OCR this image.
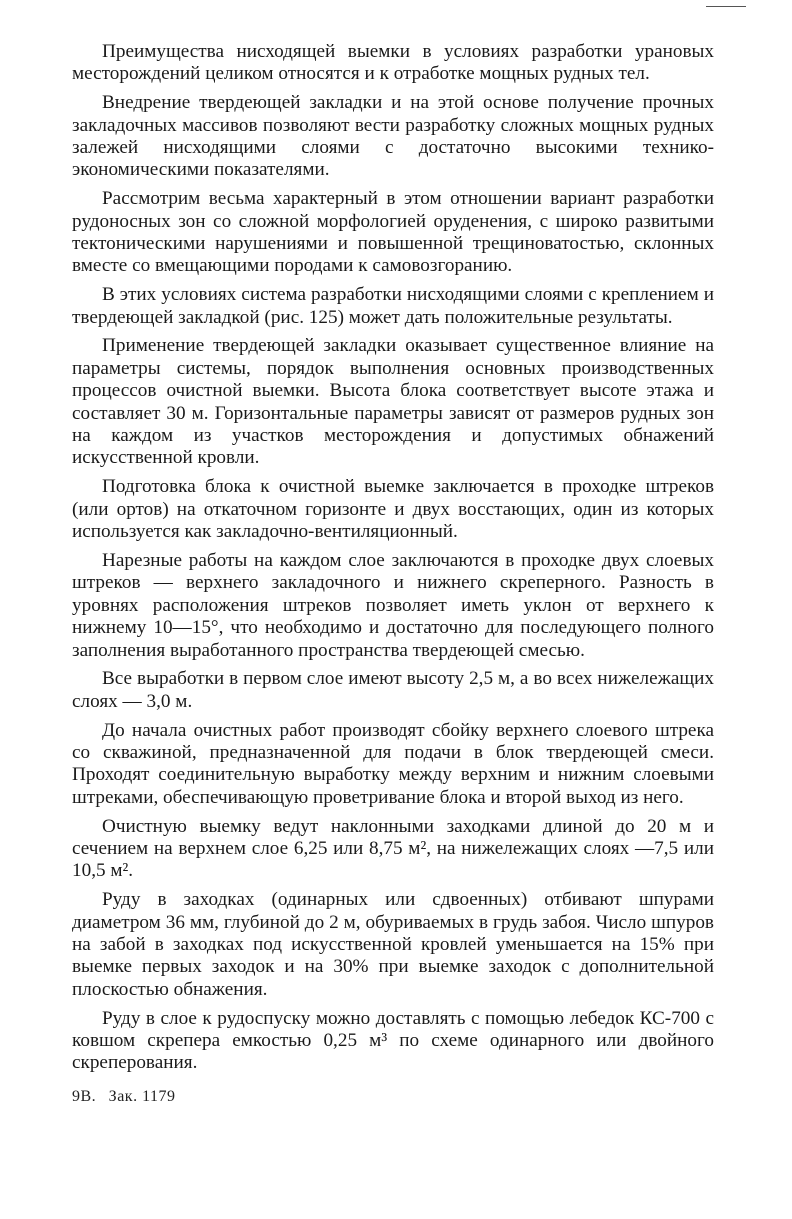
Преимущества нисходящей выемки в условиях разработки урановых месторождений целиком относятся и к отработке мощных рудных тел.

Внедрение твердеющей закладки и на этой основе получение прочных закладочных массивов позволяют вести разработку сложных мощных рудных залежей нисходящими слоями с достаточно высокими технико-экономическими показателями.

Рассмотрим весьма характерный в этом отношении вариант разработки рудоносных зон со сложной морфологией оруденения, с широко развитыми тектоническими нарушениями и повышенной трещиноватостью, склонных вместе со вмещающими породами к самовозгоранию.

В этих условиях система разработки нисходящими слоями с креплением и твердеющей закладкой (рис. 125) может дать положительные результаты.

Применение твердеющей закладки оказывает существенное влияние на параметры системы, порядок выполнения основных производственных процессов очистной выемки. Высота блока соответствует высоте этажа и составляет 30 м. Горизонтальные параметры зависят от размеров рудных зон на каждом из участков месторождения и допустимых обнажений искусственной кровли.

Подготовка блока к очистной выемке заключается в проходке штреков (или ортов) на откаточном горизонте и двух восстающих, один из которых используется как закладочно-вентиляционный.

Нарезные работы на каждом слое заключаются в проходке двух слоевых штреков — верхнего закладочного и нижнего скреперного. Разность в уровнях расположения штреков позволяет иметь уклон от верхнего к нижнему 10—15°, что необходимо и достаточно для последующего полного заполнения выработанного пространства твердеющей смесью.

Все выработки в первом слое имеют высоту 2,5 м, а во всех нижележащих слоях — 3,0 м.

До начала очистных работ производят сбойку верхнего слоевого штрека со скважиной, предназначенной для подачи в блок твердеющей смеси. Проходят соединительную выработку между верхним и нижним слоевыми штреками, обеспечивающую проветривание блока и второй выход из него.

Очистную выемку ведут наклонными заходками длиной до 20 м и сечением на верхнем слое 6,25 или 8,75 м², на нижележащих слоях —7,5 или 10,5 м².

Руду в заходках (одинарных или сдвоенных) отбивают шпурами диаметром 36 мм, глубиной до 2 м, обуриваемых в грудь забоя. Число шпуров на забой в заходках под искусственной кровлей уменьшается на 15% при выемке первых заходок и на 30% при выемке заходок с дополнительной плоскостью обнажения.

Руду в слое к рудоспуску можно доставлять с помощью лебедок КС-700 с ковшом скрепера емкостью 0,25 м³ по схеме одинарного или двойного скреперования.

9В. Зак. 1179
